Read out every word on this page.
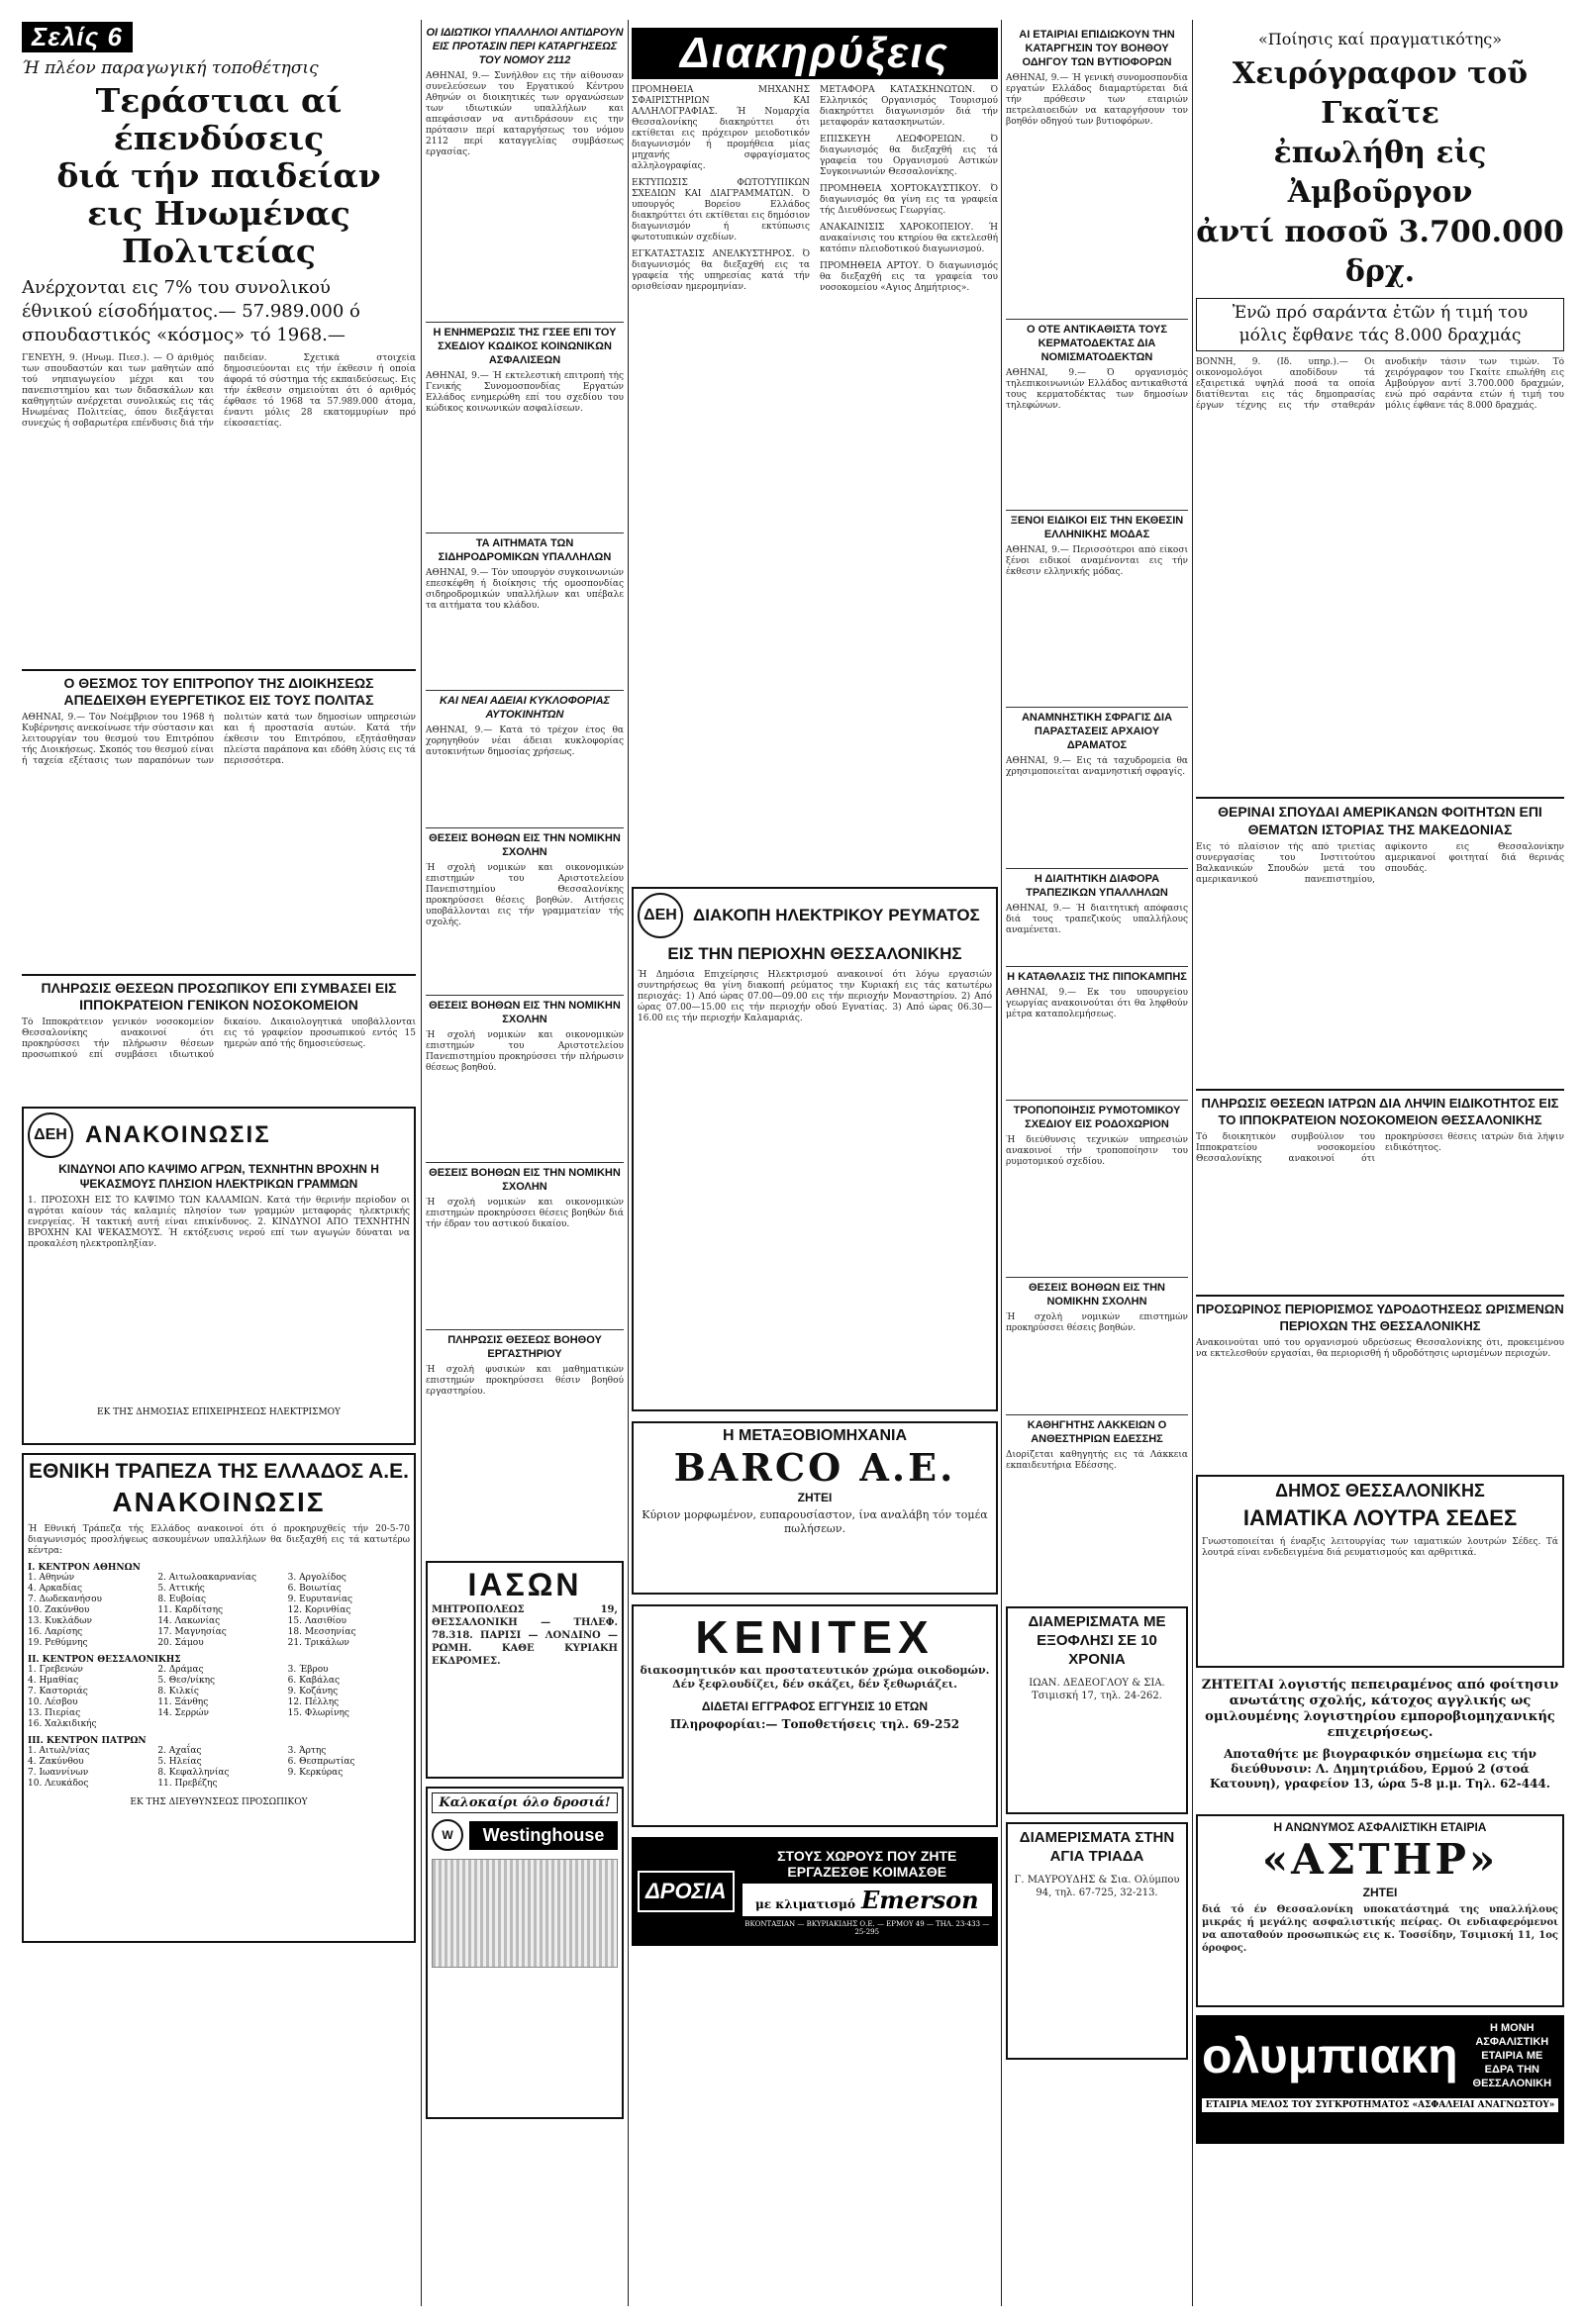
Σελίς 6
Ή πλέον παραγωγική τοποθέτησις
Τεράστιαι αί έπενδύσεις
διά τήν παιδείαν
εις Ηνωμένας Πολιτείας
Ανέρχονται εις 7% του συνολικού
έθνικού είσοδήματος.— 57.989.000 ό
σπουδαστικός «κόσμος» τό 1968.—
ΓΕΝΕΥΗ, 9. (Ηνωμ. Πιεσ.). — Ο άριθμός των σπουδαστών και των μαθητών από τού νηπιαγωγείου μέχρι και του πανεπιστημίου και των διδασκάλων και καθηγητών ανέρχεται συνολικώς εις τάς Ηνωμένας Πολιτείας, όπου διεξάγεται συνεχώς ή σοβαρωτέρα επένδυσις διά τήν παιδείαν. Σχετικά στοιχεία δημοσιεύονται εις τήν έκθεσιν ή οποία άφορά τό σύστημα τής εκπαιδεύσεως. Εις τήν έκθεσιν σημειούται ότι ό αριθμός έφθασε τό 1968 τα 57.989.000 άτομα, έναντι μόλις 28 εκατομμυρίων πρό είκοσαετίας.
Ο ΘΕΣΜΟΣ ΤΟΥ ΕΠΙΤΡΟΠΟΥ ΤΗΣ ΔΙΟΙΚΗΣΕΩΣ ΑΠΕΔΕΙΧΘΗ ΕΥΕΡΓΕΤΙΚΟΣ ΕΙΣ ΤΟΥΣ ΠΟΛΙΤΑΣ
ΑΘΗΝΑΙ, 9.— Τόν Νοέμβριον του 1968 ή Κυβέρνησις ανεκοίνωσε τήν σύστασιν και λειτουργίαν του θεσμού του Επιτρόπου τής Διοικήσεως. Σκοπός του θεσμού είναι ή ταχεία εξέτασις των παραπόνων των πολιτών κατά των δημοσίων υπηρεσιών και ή προστασία αυτών. Κατά τήν έκθεσιν του Επιτρόπου, εξητάσθησαν πλείστα παράπονα και εδόθη λύσις εις τά περισσότερα.
ΠΛΗΡΩΣΙΣ ΘΕΣΕΩΝ ΠΡΟΣΩΠΙΚΟΥ ΕΠΙ ΣΥΜΒΑΣΕΙ ΕΙΣ ΙΠΠΟΚΡΑΤΕΙΟΝ ΓΕΝΙΚΟΝ ΝΟΣΟΚΟΜΕΙΟΝ
Τό Ιπποκράτειον γενικόν νοσοκομείον Θεσσαλονίκης ανακοινοί ότι προκηρύσσει τήν πλήρωσιν θέσεων προσωπικού επί συμβάσει ιδιωτικού δικαίου. Δικαιολογητικά υποβάλλονται εις τό γραφείον προσωπικού εντός 15 ημερών από τής δημοσιεύσεως.
ΔΕΗ ΑΝΑΚΟΙΝΩΣΙΣ
ΚΙΝΔΥΝΟΙ ΑΠΟ ΚΑΨΙΜΟ ΑΓΡΩΝ, ΤΕΧΝΗΤΗΝ ΒΡΟΧΗΝ Η ΨΕΚΑΣΜΟΥΣ ΠΛΗΣΙΟΝ ΗΛΕΚΤΡΙΚΩΝ ΓΡΑΜΜΩΝ
1. ΠΡΟΣΟΧΗ ΕΙΣ ΤΟ ΚΑΨΙΜΟ ΤΩΝ ΚΑΛΑΜΙΩΝ. Κατά τήν θερινήν περίοδον οι αγρόται καίουν τάς καλαμιές πλησίον των γραμμών μεταφοράς ηλεκτρικής ενεργείας. Ή τακτική αυτή είναι επικίνδυνος. 2. ΚΙΝΔΥΝΟΙ ΑΠΟ ΤΕΧΝΗΤΗΝ ΒΡΟΧΗΝ ΚΑΙ ΨΕΚΑΣΜΟΥΣ. Ή εκτόξευσις νερού επί των αγωγών δύναται να προκαλέση ηλεκτροπληξίαν.
ΕΚ ΤΗΣ ΔΗΜΟΣΙΑΣ ΕΠΙΧΕΙΡΗΣΕΩΣ ΗΛΕΚΤΡΙΣΜΟΥ
ΕΘΝΙΚΗ ΤΡΑΠΕΖΑ ΤΗΣ ΕΛΛΑΔΟΣ Α.Ε.
ΑΝΑΚΟΙΝΩΣΙΣ
Ή Εθνική Τράπεζα τής Ελλάδος ανακοινοί ότι ό προκηρυχθείς τήν 20-5-70 διαγωνισμός προσλήψεως ασκουμένων υπαλλήλων θα διεξαχθή εις τά κατωτέρω κέντρα:
I. ΚΕΝΤΡΟΝ ΑΘΗΝΩΝ
1. Αθηνών	2. Αιτωλοακαρνανίας	3. Αργολίδος
4. Αρκαδίας	5. Αττικής	6. Βοιωτίας
7. Δωδεκανήσου	8. Ευβοίας	9. Ευρυτανίας
10. Ζακύνθου	11. Καρδίτσης	12. Κορινθίας
13. Κυκλάδων	14. Λακωνίας	15. Λασιθίου
16. Λαρίσης	17. Μαγνησίας	18. Μεσσηνίας
19. Ρεθύμνης	20. Σάμου	21. Τρικάλων
II. ΚΕΝΤΡΟΝ ΘΕΣΣΑΛΟΝΙΚΗΣ
1. Γρεβενών	2. Δράμας	3. Έβρου
4. Ημαθίας	5. Θεσ/νίκης	6. Καβάλας
7. Καστοριάς	8. Κιλκίς	9. Κοζάνης
10. Λέσβου	11. Ξάνθης	12. Πέλλης
13. Πιερίας	14. Σερρών	15. Φλωρίνης
16. Χαλκιδικής
III. ΚΕΝΤΡΟΝ ΠΑΤΡΩΝ
1. Αιτωλ/νίας	2. Αχαΐας	3. Άρτης
4. Ζακύνθου	5. Ηλείας	6. Θεσπρωτίας
7. Ιωαννίνων	8. Κεφαλληνίας	9. Κερκύρας
10. Λευκάδος	11. Πρεβέζης
ΕΚ ΤΗΣ ΔΙΕΥΘΥΝΣΕΩΣ ΠΡΟΣΩΠΙΚΟΥ
ΟΙ ΙΔΙΩΤΙΚΟΙ ΥΠΑΛΛΗΛΟΙ ΑΝΤΙΔΡΟΥΝ ΕΙΣ ΠΡΟΤΑΣΙΝ ΠΕΡΙ ΚΑΤΑΡΓΗΣΕΩΣ ΤΟΥ ΝΟΜΟΥ 2112
ΑΘΗΝΑΙ, 9.— Συνήλθον εις τήν αίθουσαν συνελεύσεων του Εργατικού Κέντρου Αθηνών οι διοικητικές των οργανώσεων των ιδιωτικών υπαλλήλων και απεφάσισαν να αντιδράσουν εις την πρότασιν περί καταργήσεως του νόμου 2112 περί καταγγελίας συμβάσεως εργασίας.
Η ΕΝΗΜΕΡΩΣΙΣ ΤΗΣ ΓΣΕΕ ΕΠΙ ΤΟΥ ΣΧΕΔΙΟΥ ΚΩΔΙΚΟΣ ΚΟΙΝΩΝΙΚΩΝ ΑΣΦΑΛΙΣΕΩΝ
ΑΘΗΝΑΙ, 9.— Ή εκτελεστική επιτροπή τής Γενικής Συνομοσπονδίας Εργατών Ελλάδος ενημερώθη επί του σχεδίου του κώδικος κοινωνικών ασφαλίσεων.
ΤΑ ΑΙΤΗΜΑΤΑ ΤΩΝ ΣΙΔΗΡΟΔΡΟΜΙΚΩΝ ΥΠΑΛΛΗΛΩΝ
ΑΘΗΝΑΙ, 9.— Τόν υπουργόν συγκοινωνιών επεσκέφθη ή διοίκησις τής ομοσπονδίας σιδηροδρομικών υπαλλήλων και υπέβαλε τα αιτήματα του κλάδου.
ΚΑΙ ΝΕΑΙ ΑΔΕΙΑΙ ΚΥΚΛΟΦΟΡΙΑΣ ΑΥΤΟΚΙΝΗΤΩΝ
ΑΘΗΝΑΙ, 9.— Κατά τό τρέχον έτος θα χορηγηθούν νέαι άδειαι κυκλοφορίας αυτοκινήτων δημοσίας χρήσεως.
ΘΕΣΕΙΣ ΒΟΗΘΩΝ ΕΙΣ ΤΗΝ ΝΟΜΙΚΗΝ ΣΧΟΛΗΝ
Ή σχολή νομικών και οικονομικών επιστημών του Αριστοτελείου Πανεπιστημίου Θεσσαλονίκης προκηρύσσει θέσεις βοηθών. Αιτήσεις υποβάλλονται εις τήν γραμματείαν τής σχολής.
ΘΕΣΕΙΣ ΒΟΗΘΩΝ ΕΙΣ ΤΗΝ ΝΟΜΙΚΗΝ ΣΧΟΛΗΝ
Ή σχολή νομικών και οικονομικών επιστημών του Αριστοτελείου Πανεπιστημίου προκηρύσσει τήν πλήρωσιν θέσεως βοηθού.
ΘΕΣΕΙΣ ΒΟΗΘΩΝ ΕΙΣ ΤΗΝ ΝΟΜΙΚΗΝ ΣΧΟΛΗΝ
Ή σχολή νομικών και οικονομικών επιστημών προκηρύσσει θέσεις βοηθών διά τήν έδραν του αστικού δικαίου.
ΠΛΗΡΩΣΙΣ ΘΕΣΕΩΣ ΒΟΗΘΟΥ ΕΡΓΑΣΤΗΡΙΟΥ
Ή σχολή φυσικών και μαθηματικών επιστημών προκηρύσσει θέσιν βοηθού εργαστηρίου.
ΙΑΣΩΝ
ΜΗΤΡΟΠΟΛΕΩΣ 19, ΘΕΣΣΑΛΟΝΙΚΗ — ΤΗΛΕΦ. 78.318. ΠΑΡΙΣΙ — ΛΟΝΔΙΝΟ — ΡΩΜΗ. ΚΑΘΕ ΚΥΡΙΑΚΗ ΕΚΔΡΟΜΕΣ.
Καλοκαίρι όλο δροσιά!
W	Westinghouse
Διακηρύξεις
ΠΡΟΜΗΘΕΙΑ ΜΗΧΑΝΗΣ ΣΦΑΙΡΙΣΤΗΡΙΩΝ ΚΑΙ ΑΛΛΗΛΟΓΡΑΦΙΑΣ. Ή Νομαρχία Θεσσαλονίκης διακηρύττει ότι εκτίθεται εις πρόχειρον μειοδοτικόν διαγωνισμόν ή προμήθεια μίας μηχανής σφραγίσματος αλληλογραφίας.
ΕΚΤΥΠΩΣΙΣ ΦΩΤΟΤΥΠΙΚΩΝ ΣΧΕΔΙΩΝ ΚΑΙ ΔΙΑΓΡΑΜΜΑΤΩΝ. Ό υπουργός Βορείου Ελλάδος διακηρύττει ότι εκτίθεται εις δημόσιον διαγωνισμόν ή εκτύπωσις φωτοτυπικών σχεδίων.
ΕΓΚΑΤΑΣΤΑΣΙΣ ΑΝΕΛΚΥΣΤΗΡΟΣ. Ό διαγωνισμός θα διεξαχθή εις τα γραφεία τής υπηρεσίας κατά τήν ορισθείσαν ημερομηνίαν.
ΜΕΤΑΦΟΡΑ ΚΑΤΑΣΚΗΝΩΤΩΝ. Ό Ελληνικός Οργανισμός Τουρισμού διακηρύττει διαγωνισμόν διά τήν μεταφοράν κατασκηνωτών.
ΕΠΙΣΚΕΥΗ ΛΕΩΦΟΡΕΙΩΝ. Ό διαγωνισμός θα διεξαχθή εις τά γραφεία του Οργανισμού Αστικών Συγκοινωνιών Θεσσαλονίκης.
ΠΡΟΜΗΘΕΙΑ ΧΟΡΤΟΚΑΥΣΤΙΚΟΥ. Ό διαγωνισμός θα γίνη εις τα γραφεία τής Διευθύνσεως Γεωργίας.
ΑΝΑΚΑΙΝΙΣΙΣ ΧΑΡΟΚΟΠΕΙΟΥ. Ή ανακαίνισις του κτηρίου θα εκτελεσθή κατόπιν πλειοδοτικού διαγωνισμού.
ΠΡΟΜΗΘΕΙΑ ΑΡΤΟΥ. Ό διαγωνισμός θα διεξαχθή εις τα γραφεία του νοσοκομείου «Αγιος Δημήτριος».
ΔΕΗ ΔΙΑΚΟΠΗ ΗΛΕΚΤΡΙΚΟΥ ΡΕΥΜΑΤΟΣ
ΕΙΣ ΤΗΝ ΠΕΡΙΟΧΗΝ ΘΕΣΣΑΛΟΝΙΚΗΣ
Ή Δημόσια Επιχείρησις Ηλεκτρισμού ανακοινοί ότι λόγω εργασιών συντηρήσεως θα γίνη διακοπή ρεύματος την Κυριακή εις τάς κατωτέρω περιοχάς: 1) Από ώρας 07.00—09.00 εις τήν περιοχήν Μοναστηρίου. 2) Από ώρας 07.00—15.00 εις τήν περιοχήν οδού Εγνατίας. 3) Από ώρας 06.30—16.00 εις τήν περιοχήν Καλαμαριάς.
Η ΜΕΤΑΞΟΒΙΟΜΗΧΑΝΙΑ
BARCO A.E.
ΖΗΤΕΙ
Κύριον μορφωμένον, ευπαρουσίαστον, ίνα αναλάβη τόν τομέα πωλήσεων.
KENITEX
διακοσμητικόν και προστατευτικόν χρώμα οικοδομών. Δέν ξεφλουδίζει, δέν σκάζει, δέν ξεθωριάζει.
ΔΙΔΕΤΑΙ ΕΓΓΡΑΦΟΣ ΕΓΓΥΗΣΙΣ 10 ΕΤΩΝ
Πληροφορίαι:— Τοποθετήσεις τηλ. 69-252
ΔΡΟΣΙΑ
ΣΤΟΥΣ ΧΩΡΟΥΣ ΠΟΥ ΖΗΤΕ ΕΡΓΑΖΕΣΘΕ ΚΟΙΜΑΣΘΕ
με κλιματισμό Emerson
ΒΚΟΝΤΑΞΙΑΝ — ΒΚΥΡΙΑΚΙΔΗΣ Ο.Ε. — ΕΡΜΟΥ 49 — ΤΗΛ. 23-433 — 25-295
ΑΙ ΕΤΑΙΡΙΑΙ ΕΠΙΔΙΩΚΟΥΝ ΤΗΝ ΚΑΤΑΡΓΗΣΙΝ ΤΟΥ ΒΟΗΘΟΥ ΟΔΗΓΟΥ ΤΩΝ ΒΥΤΙΟΦΟΡΩΝ
ΑΘΗΝΑΙ, 9.— Ή γενική συνομοσπονδία εργατών Ελλάδος διαμαρτύρεται διά τήν πρόθεσιν των εταιριών πετρελαιοειδών να καταργήσουν τον βοηθόν οδηγού των βυτιοφόρων.
Ο ΟΤΕ ΑΝΤΙΚΑΘΙΣΤΑ ΤΟΥΣ ΚΕΡΜΑΤΟΔΕΚΤΑΣ ΔΙΑ ΝΟΜΙΣΜΑΤΟΔΕΚΤΩΝ
ΑΘΗΝΑΙ, 9.— Ό οργανισμός τηλεπικοινωνιών Ελλάδος αντικαθιστά τους κερματοδέκτας των δημοσίων τηλεφώνων.
ΞΕΝΟΙ ΕΙΔΙΚΟΙ ΕΙΣ ΤΗΝ ΕΚΘΕΣΙΝ ΕΛΛΗΝΙΚΗΣ ΜΟΔΑΣ
ΑΘΗΝΑΙ, 9.— Περισσότεροι από είκοσι ξένοι ειδικοί αναμένονται εις τήν έκθεσιν ελληνικής μόδας.
ΑΝΑΜΝΗΣΤΙΚΗ ΣΦΡΑΓΙΣ ΔΙΑ ΠΑΡΑΣΤΑΣΕΙΣ ΑΡΧΑΙΟΥ ΔΡΑΜΑΤΟΣ
ΑΘΗΝΑΙ, 9.— Εις τά ταχυδρομεία θα χρησιμοποιείται αναμνηστική σφραγίς.
Η ΔΙΑΙΤΗΤΙΚΗ ΔΙΑΦΟΡΑ ΤΡΑΠΕΖΙΚΩΝ ΥΠΑΛΛΗΛΩΝ
ΑΘΗΝΑΙ, 9.— Ή διαιτητική απόφασις διά τους τραπεζικούς υπαλλήλους αναμένεται.
Η ΚΑΤΑΘΛΑΣΙΣ ΤΗΣ ΠΙΠΟΚΑΜΠΗΣ
ΑΘΗΝΑΙ, 9.— Εκ του υπουργείου γεωργίας ανακοινούται ότι θα ληφθούν μέτρα καταπολεμήσεως.
ΤΡΟΠΟΠΟΙΗΣΙΣ ΡΥΜΟΤΟΜΙΚΟΥ ΣΧΕΔΙΟΥ ΕΙΣ ΡΟΔΟΧΩΡΙΟΝ
Ή διεύθυνσις τεχνικών υπηρεσιών ανακοινοί τήν τροποποίησιν του ρυμοτομικού σχεδίου.
ΘΕΣΕΙΣ ΒΟΗΘΩΝ ΕΙΣ ΤΗΝ ΝΟΜΙΚΗΝ ΣΧΟΛΗΝ
Ή σχολή νομικών επιστημών προκηρύσσει θέσεις βοηθών.
ΚΑΘΗΓΗΤΗΣ ΛΑΚΚΕΙΩΝ Ο ΑΝΘΕΣΤΗΡΙΩΝ ΕΔΕΣΣΗΣ
Διορίζεται καθηγητής εις τά Λάκκεια εκπαιδευτήρια Εδέσσης.
ΔΙΑΜΕΡΙΣΜΑΤΑ ΜΕ ΕΞΟΦΛΗΣΙ ΣΕ 10 ΧΡΟΝΙΑ
ΙΩΑΝ. ΔΕΔΕΟΓΛΟΥ & ΣΙΑ. Τσιμισκή 17, τηλ. 24-262.
ΔΙΑΜΕΡΙΣΜΑΤΑ ΣΤΗΝ ΑΓΙΑ ΤΡΙΑΔΑ
Γ. ΜΑΥΡΟΥΔΗΣ & Σια. Ολύμπου 94, τηλ. 67-725, 32-213.
«Ποίησις καί πραγματικότης»
Χειρόγραφον τοῦ Γκαῖτε
ἐπωλήθη εἰς Ἀμβοῦργον
ἀντί ποσοῦ 3.700.000 δρχ.
Ἐνῶ πρό σαράντα ἐτῶν ή τιμή του
μόλις ἔφθανε τάς 8.000 δραχμάς
ΒΟΝΝΗ, 9. (Ιδ. υπηρ.).— Οι οικονομολόγοι αποδίδουν τά εξαιρετικά υψηλά ποσά τα οποία διατίθενται εις τάς δημοπρασίας έργων τέχνης εις τήν σταθεράν ανοδικήν τάσιν των τιμών. Τό χειρόγραφον του Γκαίτε επωλήθη εις Αμβούργον αντί 3.700.000 δραχμών, ενώ πρό σαράντα ετών ή τιμή του μόλις έφθανε τάς 8.000 δραχμάς.
ΘΕΡΙΝΑΙ ΣΠΟΥΔΑΙ ΑΜΕΡΙΚΑΝΩΝ ΦΟΙΤΗΤΩΝ ΕΠΙ ΘΕΜΑΤΩΝ ΙΣΤΟΡΙΑΣ ΤΗΣ ΜΑΚΕΔΟΝΙΑΣ
Εις τό πλαίσιον τής από τριετίας συνεργασίας του Ινστιτούτου Βαλκανικών Σπουδών μετά του αμερικανικού πανεπιστημίου, αφίκοντο εις Θεσσαλονίκην αμερικανοί φοιτηταί διά θερινάς σπουδάς.
ΠΛΗΡΩΣΙΣ ΘΕΣΕΩΝ ΙΑΤΡΩΝ ΔΙΑ ΛΗΨΙΝ ΕΙΔΙΚΟΤΗΤΟΣ ΕΙΣ ΤΟ ΙΠΠΟΚΡΑΤΕΙΟΝ ΝΟΣΟΚΟΜΕΙΟΝ ΘΕΣΣΑΛΟΝΙΚΗΣ
Τό διοικητικόν συμβούλιον του Ιπποκρατείου νοσοκομείου Θεσσαλονίκης ανακοινοί ότι προκηρύσσει θέσεις ιατρών διά λήψιν ειδικότητος.
ΠΡΟΣΩΡΙΝΟΣ ΠΕΡΙΟΡΙΣΜΟΣ ΥΔΡΟΔΟΤΗΣΕΩΣ ΩΡΙΣΜΕΝΩΝ ΠΕΡΙΟΧΩΝ ΤΗΣ ΘΕΣΣΑΛΟΝΙΚΗΣ
Ανακοινούται υπό του οργανισμού υδρεύσεως Θεσσαλονίκης ότι, προκειμένου να εκτελεσθούν εργασίαι, θα περιορισθή ή υδροδότησις ωρισμένων περιοχών.
ΔΗΜΟΣ ΘΕΣΣΑΛΟΝΙΚΗΣ
ΙΑΜΑΤΙΚΑ ΛΟΥΤΡΑ ΣΕΔΕΣ
Γνωστοποιείται ή έναρξις λειτουργίας των ιαματικών λουτρών Σέδες. Τά λουτρά είναι ενδεδειγμένα διά ρευματισμούς και αρθριτικά.
ΖΗΤΕΙΤΑΙ λογιστής πεπειραμένος από φοίτησιν ανωτάτης σχολής, κάτοχος αγγλικής ως ομιλουμένης λογιστηρίου εμποροβιομηχανικής επιχειρήσεως.
Αποταθήτε με βιογραφικόν σημείωμα εις τήν διεύθυνσιν: Λ. Δημητριάδου, Ερμού 2 (στοά Κατουνη), γραφείον 13, ώρα 5-8 μ.μ. Τηλ. 62-444.
Η ΑΝΩΝΥΜΟΣ ΑΣΦΑΛΙΣΤΙΚΗ ΕΤΑΙΡΙΑ
«ΑΣΤΗΡ»
ΖΗΤΕΙ
διά τό έν Θεσσαλονίκη υποκατάστημά της υπαλλήλους μικράς ή μεγάλης ασφαλιστικής πείρας. Οι ενδιαφερόμενοι να αποταθούν προσωπικώς εις κ. Τοσσίδην, Τσιμισκή 11, 1ος όροφος.
ολυμπιακη	Η ΜΟΝΗ ΑΣΦΑΛΙΣΤΙΚΗ ΕΤΑΙΡΙΑ ΜΕ ΕΔΡΑ ΤΗΝ ΘΕΣΣΑΛΟΝΙΚΗ
ΕΤΑΙΡΙΑ ΜΕΛΟΣ ΤΟΥ ΣΥΓΚΡΟΤΗΜΑΤΟΣ «ΑΣΦΑΛΕΙΑΙ ΑΝΑΓΝΩΣΤΟΥ»
